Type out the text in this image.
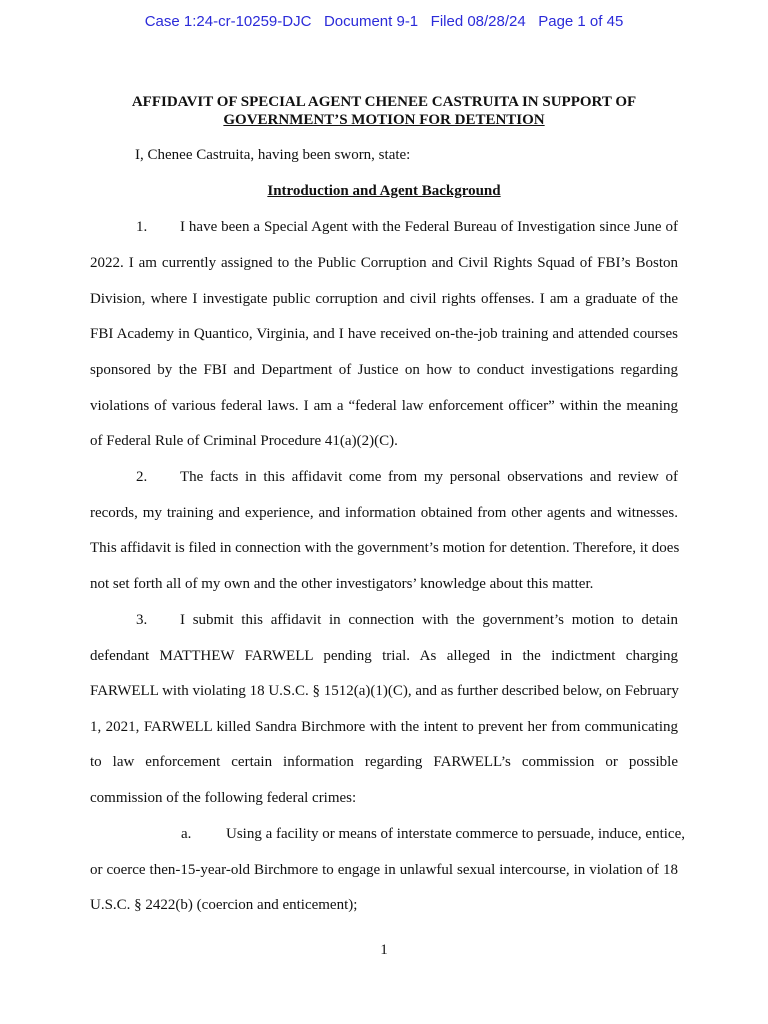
Case 1:24-cr-10259-DJC   Document 9-1   Filed 08/28/24   Page 1 of 45
AFFIDAVIT OF SPECIAL AGENT CHENEE CASTRUITA IN SUPPORT OF
GOVERNMENT’S MOTION FOR DETENTION
I, Chenee Castruita, having been sworn, state:
Introduction and Agent Background
1. I have been a Special Agent with the Federal Bureau of Investigation since June of
2022. I am currently assigned to the Public Corruption and Civil Rights Squad of FBI’s Boston
Division, where I investigate public corruption and civil rights offenses. I am a graduate of the
FBI Academy in Quantico, Virginia, and I have received on-the-job training and attended courses
sponsored by the FBI and Department of Justice on how to conduct investigations regarding
violations of various federal laws. I am a “federal law enforcement officer” within the meaning
of Federal Rule of Criminal Procedure 41(a)(2)(C).
2. The facts in this affidavit come from my personal observations and review of
records, my training and experience, and information obtained from other agents and witnesses.
This affidavit is filed in connection with the government’s motion for detention. Therefore, it does
not set forth all of my own and the other investigators’ knowledge about this matter.
3. I submit this affidavit in connection with the government’s motion to detain
defendant MATTHEW FARWELL pending trial. As alleged in the indictment charging
FARWELL with violating 18 U.S.C. § 1512(a)(1)(C), and as further described below, on February
1, 2021, FARWELL killed Sandra Birchmore with the intent to prevent her from communicating
to law enforcement certain information regarding FARWELL’s commission or possible
commission of the following federal crimes:
a. Using a facility or means of interstate commerce to persuade, induce, entice,
or coerce then-15-year-old Birchmore to engage in unlawful sexual intercourse, in violation of 18
U.S.C. § 2422(b) (coercion and enticement);
1
